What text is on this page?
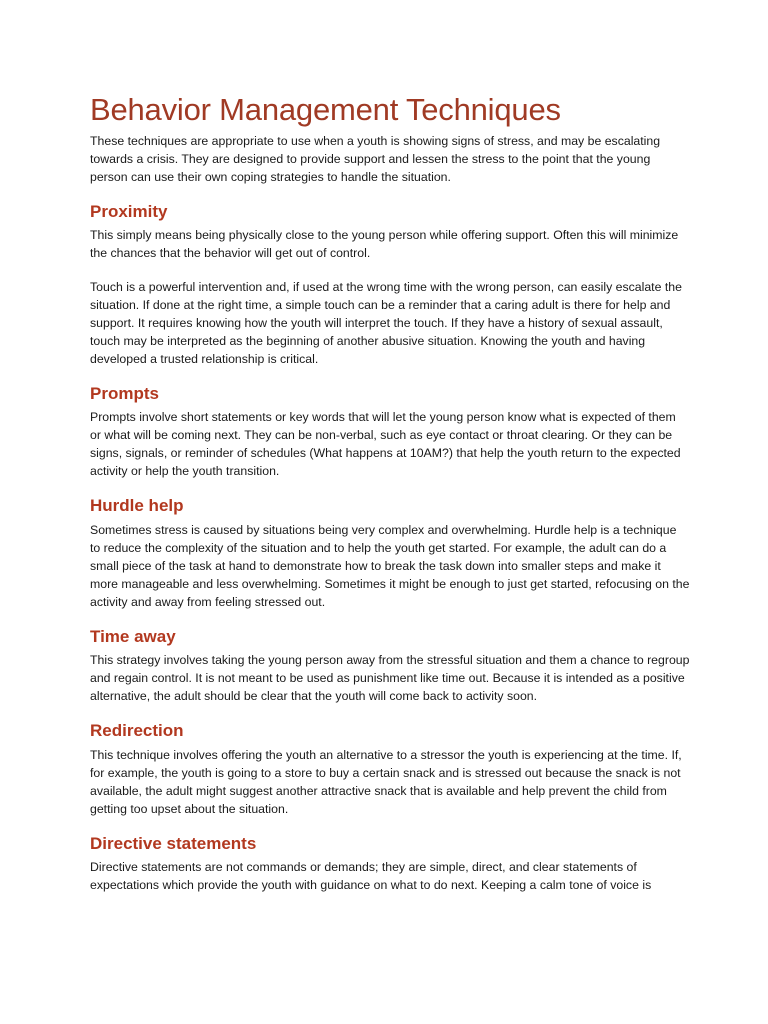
Behavior Management Techniques

These techniques are appropriate to use when a youth is showing signs of stress, and may be escalating towards a crisis. They are designed to provide support and lessen the stress to the point that the young person can use their own coping strategies to handle the situation.

Proximity

This simply means being physically close to the young person while offering support. Often this will minimize the chances that the behavior will get out of control.

Touch is a powerful intervention and, if used at the wrong time with the wrong person, can easily escalate the situation. If done at the right time, a simple touch can be a reminder that a caring adult is there for help and support. It requires knowing how the youth will interpret the touch. If they have a history of sexual assault, touch may be interpreted as the beginning of another abusive situation. Knowing the youth and having developed a trusted relationship is critical.

Prompts

Prompts involve short statements or key words that will let the young person know what is expected of them or what will be coming next. They can be non-verbal, such as eye contact or throat clearing. Or they can be signs, signals, or reminder of schedules (What happens at 10AM?) that help the youth return to the expected activity or help the youth transition.

Hurdle help

Sometimes stress is caused by situations being very complex and overwhelming. Hurdle help is a technique to reduce the complexity of the situation and to help the youth get started. For example, the adult can do a small piece of the task at hand to demonstrate how to break the task down into smaller steps and make it more manageable and less overwhelming. Sometimes it might be enough to just get started, refocusing on the activity and away from feeling stressed out.

Time away

This strategy involves taking the young person away from the stressful situation and them a chance to regroup and regain control. It is not meant to be used as punishment like time out. Because it is intended as a positive alternative, the adult should be clear that the youth will come back to activity soon.

Redirection

This technique involves offering the youth an alternative to a stressor the youth is experiencing at the time. If, for example, the youth is going to a store to buy a certain snack and is stressed out because the snack is not available, the adult might suggest another attractive snack that is available and help prevent the child from getting too upset about the situation.

Directive statements

Directive statements are not commands or demands; they are simple, direct, and clear statements of expectations which provide the youth with guidance on what to do next. Keeping a calm tone of voice is
